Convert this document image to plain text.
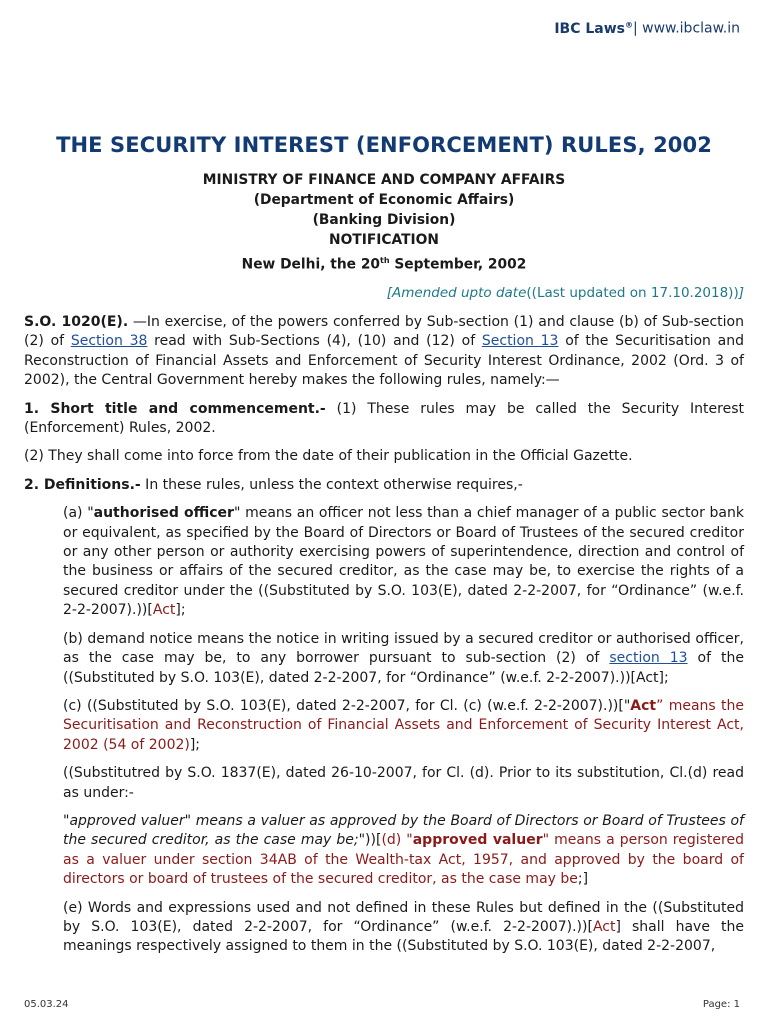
IBC Laws®| www.ibclaw.in
THE SECURITY INTEREST (ENFORCEMENT) RULES, 2002
MINISTRY OF FINANCE AND COMPANY AFFAIRS
(Department of Economic Affairs)
(Banking Division)
NOTIFICATION
New Delhi, the 20th September, 2002
[Amended upto date((Last updated on 17.10.2018))]

S.O. 1020(E). —In exercise, of the powers conferred by Sub-section (1) and clause (b) of Sub-section (2) of Section 38 read with Sub-Sections (4), (10) and (12) of Section 13 of the Securitisation and Reconstruction of Financial Assets and Enforcement of Security Interest Ordinance, 2002 (Ord. 3 of 2002), the Central Government hereby makes the following rules, namely:—

1. Short title and commencement.- (1) These rules may be called the Security Interest (Enforcement) Rules, 2002.

(2) They shall come into force from the date of their publication in the Official Gazette.

2. Definitions.- In these rules, unless the context otherwise requires,-

(a) "authorised officer" means an officer not less than a chief manager of a public sector bank or equivalent, as specified by the Board of Directors or Board of Trustees of the secured creditor or any other person or authority exercising powers of superintendence, direction and control of the business or affairs of the secured creditor, as the case may be, to exercise the rights of a secured creditor under the ((Substituted by S.O. 103(E), dated 2-2-2007, for “Ordinance” (w.e.f. 2-2-2007).))[Act];

(b) demand notice means the notice in writing issued by a secured creditor or authorised officer, as the case may be, to any borrower pursuant to sub-section (2) of section 13 of the ((Substituted by S.O. 103(E), dated 2-2-2007, for “Ordinance” (w.e.f. 2-2-2007).))[Act];

(c) ((Substituted by S.O. 103(E), dated 2-2-2007, for Cl. (c) (w.e.f. 2-2-2007).))["Act” means the Securitisation and Reconstruction of Financial Assets and Enforcement of Security Interest Act, 2002 (54 of 2002)];

((Substitutred by S.O. 1837(E), dated 26-10-2007, for Cl. (d). Prior to its substitution, Cl.(d) read as under:-

"approved valuer" means a valuer as approved by the Board of Directors or Board of Trustees of the secured creditor, as the case may be;"))[(d) "approved valuer" means a person registered as a valuer under section 34AB of the Wealth-tax Act, 1957, and approved by the board of directors or board of trustees of the secured creditor, as the case may be;]

(e) Words and expressions used and not defined in these Rules but defined in the ((Substituted by S.O. 103(E), dated 2-2-2007, for “Ordinance” (w.e.f. 2-2-2007).))[Act] shall have the meanings respectively assigned to them in the ((Substituted by S.O. 103(E), dated 2-2-2007,

05.03.24	Page: 1
